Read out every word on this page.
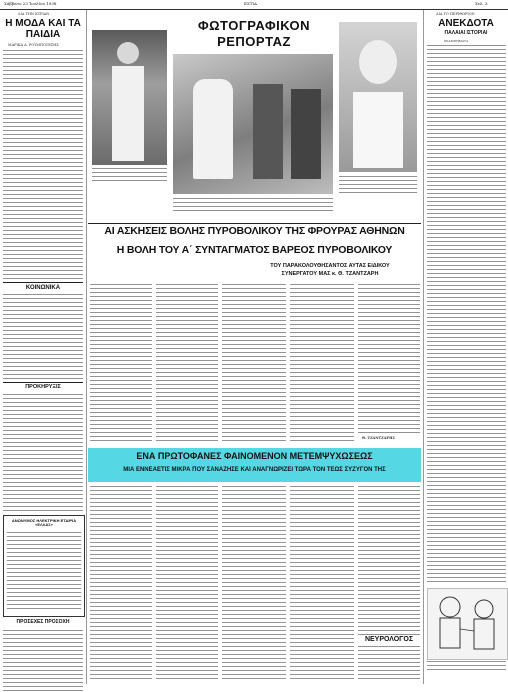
Σάββατο 23 Ἰουλίου 1938	ΕΣΤΙΑ	Σελ. 3
ΔΙΑ ΤΗΝ ΚΥΡΙΑΝ
Η ΜΟΔΑ ΚΑΙ ΤΑ ΠΑΙΔΙΑ
ΜΑΡΙΚΑ Α. ΡΟΥΜΠΟΥΕΖΗΣ
ΚΟΙΝΩΝΙΚΑ
ΠΡΟΚΗΡΥΞΙΣ
ΑΝΩΝΥΜΟΣ ΗΛΕΚΤΡΙΚΗ ΕΤΑΙΡΙΑ «ΕΛΛΑΣ»
ΠΡΟΣΕΧΕΣ ΠΡΟΣΟΧΗ
ΦΩΤΟΓΡΑΦΙΚΟΝ
ΡΕΠΟΡΤΑΖ
ΑΙ ΑΣΚΗΣΕΙΣ ΒΟΛΗΣ ΠΥΡΟΒΟΛΙΚΟΥ ΤΗΣ ΦΡΟΥΡΑΣ ΑΘΗΝΩΝ
Η ΒΟΛΗ ΤΟΥ Α΄ ΣΥΝΤΑΓΜΑΤΟΣ ΒΑΡΕΟΣ ΠΥΡΟΒΟΛΙΚΟΥ
ΤΟΥ ΠΑΡΑΚΟΛΟΥΘΗΣΑΝΤΟΣ ΑΥΤΑΣ ΕΙΔΙΚΟΥ
ΣΥΝΕΡΓΑΤΟΥ ΜΑΣ κ. Θ. ΤΖΑΝΤΖΑΡΗ
Θ. ΤΖΑΝΤΖΑΡΗΣ
ΕΝΑ ΠΡΩΤΟΦΑΝΕΣ ΦΑΙΝΟΜΕΝΟΝ ΜΕΤΕΜΨΥΧΩΣΕΩΣ
ΜΙΑ ΕΝΝΕΑΕΤΙΣ ΜΙΚΡΑ ΠΟΥ ΣΑΝΑΖΗΣΕ ΚΑΙ ΑΝΑΓΝΩΡΙΖΕΙ ΤΩΡΑ ΤΟΝ ΤΕΩΣ ΣΥΖΥΓΟΝ ΤΗΣ
ΔΙΑ ΤΟ ΠΕΡΙΘΩΡΙΟΝ
ΑΝΕΚΔΟΤΑ
ΠΑΛΑΙΑΙ ΙΣΤΟΡΙΑΙ
ΣΚΑΡΙΦΗΜΑΤΑ
ΝΕΥΡΟΛΟΓΟΣ
